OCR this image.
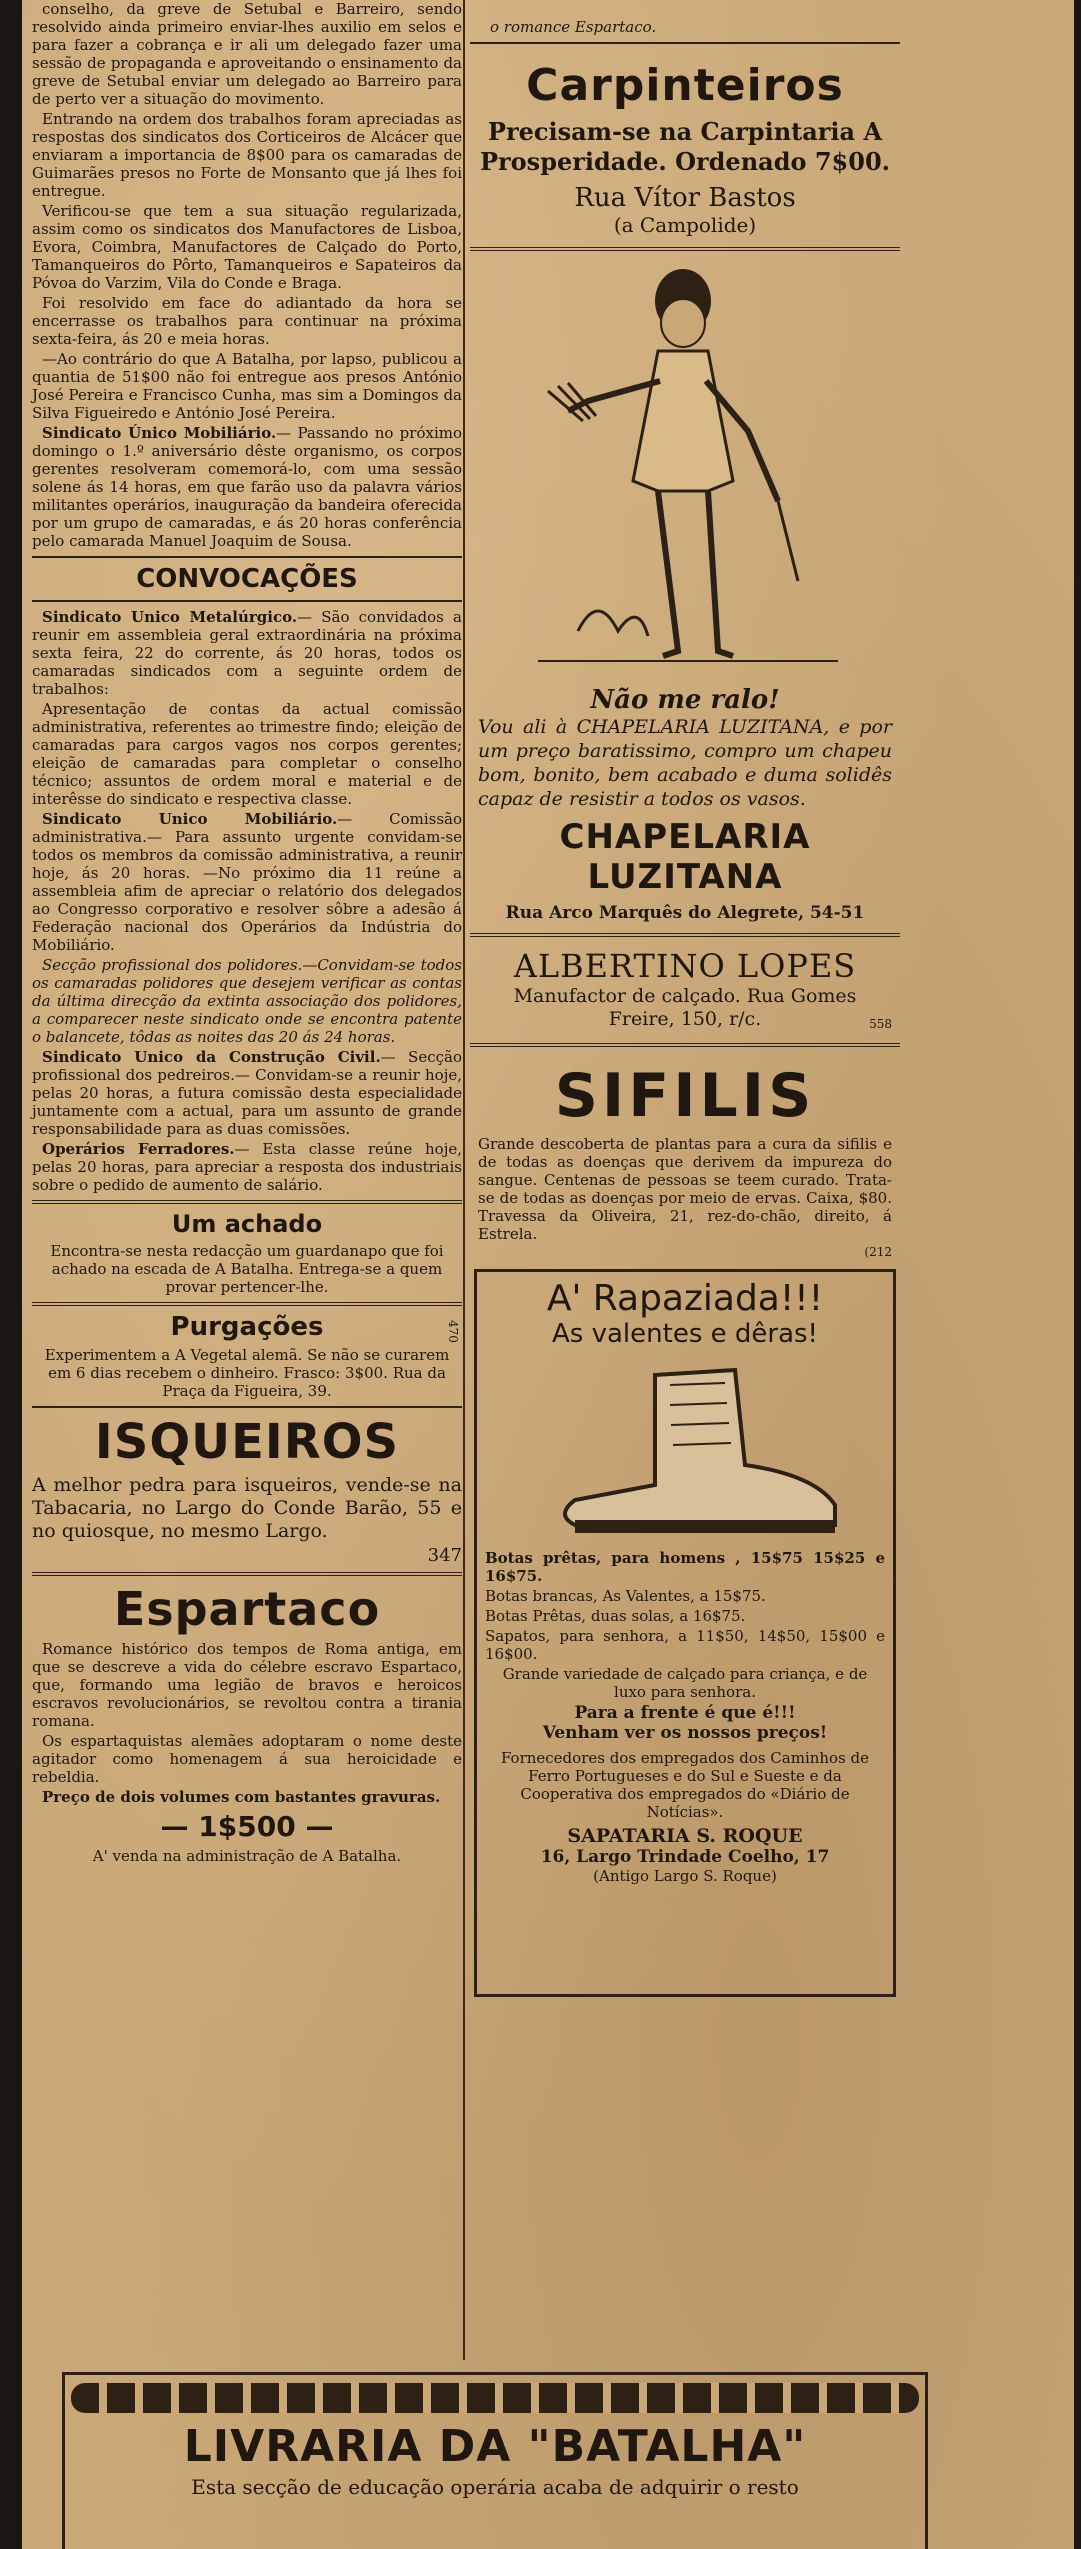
conselho, da greve de Setubal e Barreiro, sendo resolvido ainda primeiro enviar-lhes auxilio em selos e para fazer a cobrança e ir ali um delegado fazer uma sessão de propaganda e aproveitando o ensinamento da greve de Setubal enviar um delegado ao Barreiro para de perto ver a situação do movimento.

Entrando na ordem dos trabalhos foram apreciadas as respostas dos sindicatos dos Corticeiros de Alcácer que enviaram a importancia de 8$00 para os camaradas de Guimarães presos no Forte de Monsanto que já lhes foi entregue.

Verificou-se que tem a sua situação regularizada, assim como os sindicatos dos Manufactores de Lisboa, Evora, Coimbra, Manufactores de Calçado do Porto, Tamanqueiros do Pôrto, Tamanqueiros e Sapateiros da Póvoa do Varzim, Vila do Conde e Braga.

Foi resolvido em face do adiantado da hora se encerrasse os trabalhos para continuar na próxima sexta-feira, ás 20 e meia horas.

—Ao contrário do que A Batalha, por lapso, publicou a quantia de 51$00 não foi entregue aos presos António José Pereira e Francisco Cunha, mas sim a Domingos da Silva Figueiredo e António José Pereira.

Sindicato Único Mobiliário.— Passando no próximo domingo o 1.º aniversário dêste organismo, os corpos gerentes resolveram comemorá-lo, com uma sessão solene ás 14 horas, em que farão uso da palavra vários militantes operários, inauguração da bandeira oferecida por um grupo de camaradas, e ás 20 horas conferência pelo camarada Manuel Joaquim de Sousa.

CONVOCAÇÕES

Sindicato Unico Metalúrgico.— São convidados a reunir em assembleia geral extraordinária na próxima sexta feira, 22 do corrente, ás 20 horas, todos os camaradas sindicados com a seguinte ordem de trabalhos:

Apresentação de contas da actual comissão administrativa, referentes ao trimestre findo; eleição de camaradas para cargos vagos nos corpos gerentes; eleição de camaradas para completar o conselho técnico; assuntos de ordem moral e material e de interêsse do sindicato e respectiva classe.

Sindicato Unico Mobiliário.— Comissão administrativa.— Para assunto urgente convidam-se todos os membros da comissão administrativa, a reunir hoje, ás 20 horas. —No próximo dia 11 reúne a assembleia afim de apreciar o relatório dos delegados ao Congresso corporativo e resolver sôbre a adesão á Federação nacional dos Operários da Indústria do Mobiliário.

Secção profissional dos polidores.—Convidam-se todos os camaradas polidores que desejem verificar as contas da última direcção da extinta associação dos polidores, a comparecer neste sindicato onde se encontra patente o balancete, tôdas as noites das 20 ás 24 horas.

Sindicato Unico da Construção Civil.— Secção profissional dos pedreiros.— Convidam-se a reunir hoje, pelas 20 horas, a futura comissão desta especialidade juntamente com a actual, para um assunto de grande responsabilidade para as duas comissões.

Operários Ferradores.— Esta classe reúne hoje, pelas 20 horas, para apreciar a resposta dos industriais sobre o pedido de aumento de salário.

Um achado

Encontra-se nesta redacção um guardanapo que foi achado na escada de A Batalha. Entrega-se a quem provar pertencer-lhe.

Purgações	470

Experimentem a A Vegetal alemã. Se não se curarem em 6 dias recebem o dinheiro. Frasco: 3$00. Rua da Praça da Figueira, 39.

ISQUEIROS

A melhor pedra para isqueiros, vende-se na Tabacaria, no Largo do Conde Barão, 55 e no quiosque, no mesmo Largo.

347
Espartaco

Romance histórico dos tempos de Roma antiga, em que se descreve a vida do célebre escravo Espartaco, que, formando uma legião de bravos e heroicos escravos revolucionários, se revoltou contra a tirania romana.

Os espartaquistas alemães adoptaram o nome deste agitador como homenagem á sua heroicidade e rebeldia.

Preço de dois volumes com bastantes gravuras.

— 1$500 —

A' venda na administração de A Batalha.

o romance Espartaco.

Carpinteiros
Precisam-se na Carpintaria A Prosperidade. Ordenado 7$00.
Rua Vítor Bastos
(a Campolide)
Não me ralo!

Vou ali à CHAPELARIA LUZITANA, e por um preço baratissimo, compro um chapeu bom, bonito, bem acabado e duma solidês capaz de resistir a todos os vasos.

CHAPELARIA LUZITANA
Rua Arco Marquês do Alegrete, 54-51
ALBERTINO LOPES

Manufactor de calçado. Rua Gomes Freire, 150, r/c.	558
SIFILIS

Grande descoberta de plantas para a cura da sifilis e de todas as doenças que derivem da impureza do sangue. Centenas de pessoas se teem curado. Trata-se de todas as doenças por meio de ervas. Caixa, $80. Travessa da Oliveira, 21, rez-do-chão, direito, á Estrela.

(212
A' Rapaziada!!!
As valentes e dêras!

Botas prêtas, para homens , 15$75 15$25 e 16$75.

Botas brancas, As Valentes, a 15$75.

Botas Prêtas, duas solas, a 16$75.

Sapatos, para senhora, a 11$50, 14$50, 15$00 e 16$00.

Grande variedade de calçado para criança, e de luxo para senhora.

Para a frente é que é!!!
Venham ver os nossos preços!

Fornecedores dos empregados dos Caminhos de Ferro Portugueses e do Sul e Sueste e da Cooperativa dos empregados do «Diário de Notícias».

SAPATARIA S. ROQUE
16, Largo Trindade Coelho, 17
(Antigo Largo S. Roque)
LIVRARIA DA "BATALHA"

Esta secção de educação operária acaba de adquirir o resto
